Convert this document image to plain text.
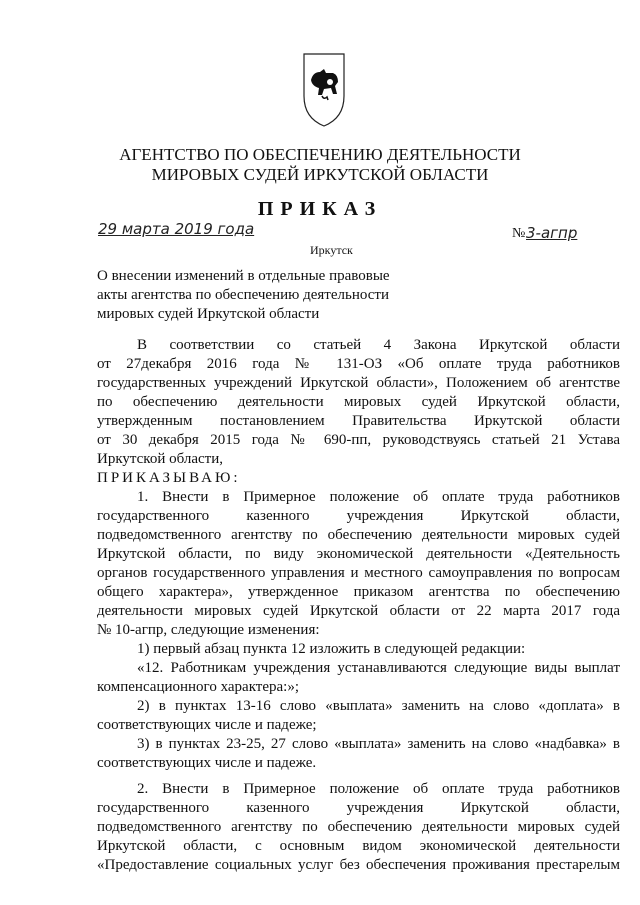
АГЕНТСТВО ПО ОБЕСПЕЧЕНИЮ ДЕЯТЕЛЬНОСТИ
МИРОВЫХ СУДЕЙ ИРКУТСКОЙ ОБЛАСТИ
ПРИКАЗ
29 марта 2019 года	№ 3-агпр
Иркутск
О внесении изменений в отдельные правовые
акты агентства по обеспечению деятельности
мировых судей Иркутской области
В соответствии со статьей 4 Закона Иркутской области
от 27декабря 2016 года № 131-ОЗ «Об оплате труда работников
государственных учреждений Иркутской области», Положением об агентстве
по обеспечению деятельности мировых судей Иркутской области,
утвержденным постановлением Правительства Иркутской области
от 30 декабря 2015 года № 690-пп, руководствуясь статьей 21 Устава
Иркутской области,
ПРИКАЗЫВАЮ:
1. Внести в Примерное положение об оплате труда работников
государственного казенного учреждения Иркутской области,
подведомственного агентству по обеспечению деятельности мировых судей
Иркутской области, по виду экономической деятельности «Деятельность
органов государственного управления и местного самоуправления по вопросам
общего характера», утвержденное приказом агентства по обеспечению
деятельности мировых судей Иркутской области от 22 марта 2017 года
№ 10-агпр, следующие изменения:
1) первый абзац пункта 12 изложить в следующей редакции:
«12. Работникам учреждения устанавливаются следующие виды выплат
компенсационного характера:»;
2) в пунктах 13-16 слово «выплата» заменить на слово «доплата» в
соответствующих числе и падеже;
3) в пунктах 23-25, 27 слово «выплата» заменить на слово «надбавка» в
соответствующих числе и падеже.
2. Внести в Примерное положение об оплате труда работников
государственного казенного учреждения Иркутской области,
подведомственного агентству по обеспечению деятельности мировых судей
Иркутской области, с основным видом экономической деятельности
«Предоставление социальных услуг без обеспечения проживания престарелым
